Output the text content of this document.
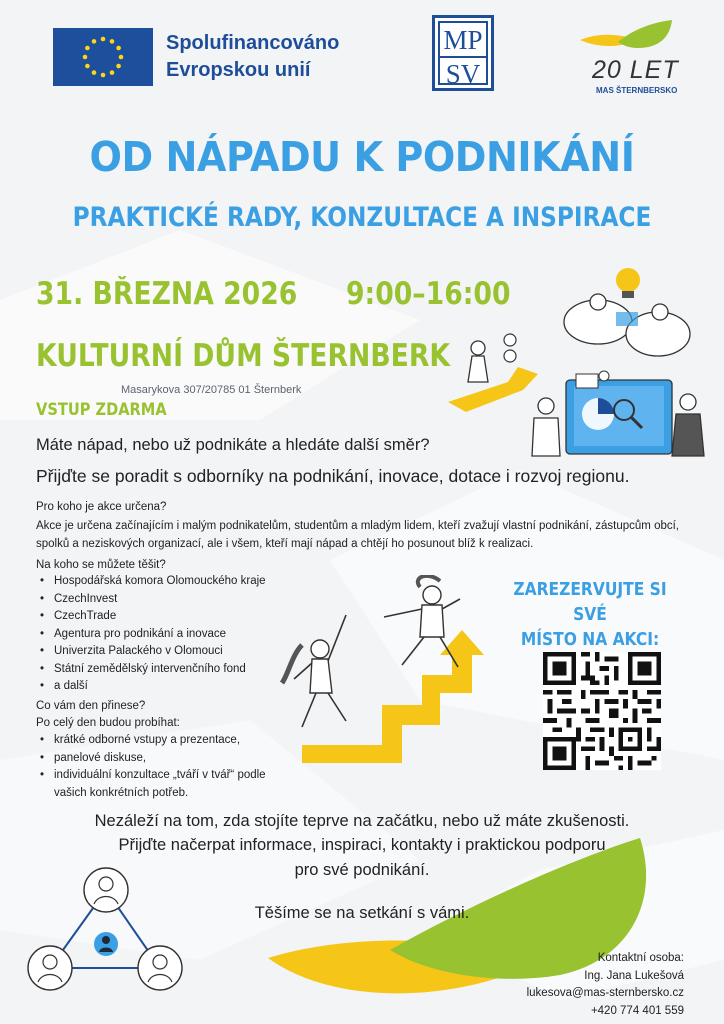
Spolufinancováno
Evropskou unií
MP
SV	20 LET
MAS ŠTERNBERSKO
OD NÁPADU K PODNIKÁNÍ
PRAKTICKÉ RADY, KONZULTACE A INSPIRACE
31. BŘEZNA 2026 9:00–16:00
KULTURNÍ DŮM ŠTERNBERK
Masarykova 307/20785 01 Šternberk
VSTUP ZDARMA
Máte nápad, nebo už podnikáte a hledáte další směr?
Přijďte se poradit s odborníky na podnikání, inovace, dotace i rozvoj regionu.
Pro koho je akce určena?
Akce je určena začínajícím i malým podnikatelům, studentům a mladým lidem, kteří zvažují vlastní podnikání, zástupcům obcí, spolků a neziskových organizací, ale i všem, kteří mají nápad a chtějí ho posunout blíž k realizaci.
Na koho se můžete těšit?
• Hospodářská komora Olomouckého kraje
• CzechInvest
• CzechTrade
• Agentura pro podnikání a inovace
• Univerzita Palackého v Olomouci
• Státní zemědělský intervenčního fond
• a další
Co vám den přinese?
Po celý den budou probíhat:
• krátké odborné vstupy a prezentace,
• panelové diskuse,
• individuální konzultace „tváří v tvář“ podle vašich konkrétních potřeb.
ZAREZERVUJTE SI SVÉ
MÍSTO NA AKCI:
Nezáleží na tom, zda stojíte teprve na začátku, nebo už máte zkušenosti.
Přijďte načerpat informace, inspiraci, kontakty i praktickou podporu
pro své podnikání.
Těšíme se na setkání s vámi.
Kontaktní osoba:
Ing. Jana Lukešová
lukesova@mas-sternbersko.cz
+420 774 401 559
